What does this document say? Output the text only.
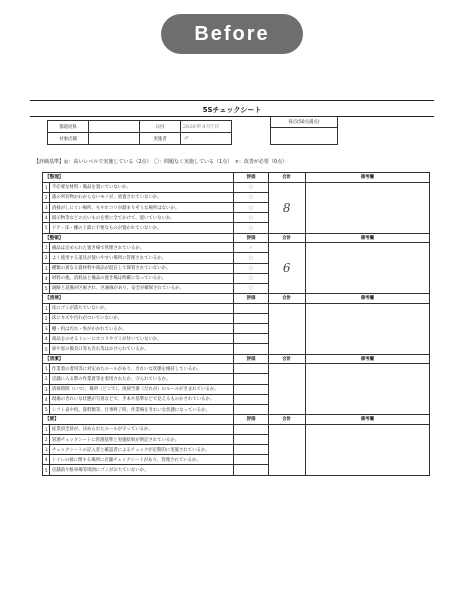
Before
5Sチェックシート
都道府県		日付	2020年 4月7日
対象店舗		実施者	ダ
採点(50点満点)

【評価基準】◎：高いレベルで実施している（2点）　〇：問題なく実施している（1点）　×：改善が必要（0点）
【整理】		評価	合計	備考欄
1	不必要な材料・備品を置いていないか。	○	8	
2	誰の所有物かわからないモノが、放置されていないか。	○		
3	清掃がしにくい場所、もやホコリが溜まりそうな場所はないか。	○		
4	掲示物等などの古いものを壁に全てかけて、置いていないか。	○		
5	ドア・床・棚の上部に不要なものが置かれていないか。	○		
【整頓】		評価	合計	備考欄
1	備品は定められた置き場で管理されているか。	✓	6	
2	よく使用する道具が使いやすい場所に管理されているか。	○		
3	種類の異なる資材料や商品が混在して保管されていないか。	○		
4	材料の他、消耗品と備品の置き場は明確になっているか。	○		
5	通路と設備が区画され、区画線があり、安全が確保されているか。	○		
【清掃】		評価	合計	備考欄
1	床にゴミが落ちていないか。			
2	床にキズや汚れがついていないか。			
3	棚・机は汚れ・埃がかかれているか。			
4	商品をのせるトレーにホコリやゴミが付いていないか。			
5	扉や窓の換気口等も汚れ等はかけられているか。			
【清潔】		評価	合計	備考欄
1	作業着の着用等に対定めたルールがあり、きれいな状態を維持しているか。			
2	店舗に入る際の作業着等を着用されたか、守られているか。			
3	清掃時間（いつ）、場所（どこで）、清掃当番（だれが）のルールがきまれているか。			
4	現場のきれいな状態が写真などで、手本や基準などで見えるものかされているか。			
5	シフト表や机、資料類等、仕事終了時、作業場をきれいな状態になっているか。			
【躾】		評価	合計	備考欄
1	従業員全員が、決められたルールが守っているか。			
2	管理チェックシートに管理基準と実施結果が明記されているか。			
3	チェックシートの記入者と確認者によるチェックが定期的に実施されているか。			
4	トイレの掃に関する場所に店舗チェックシートがあり、管理されているか。			
5	店舗前や駐車場等周囲にゴミがおちていないか。			
